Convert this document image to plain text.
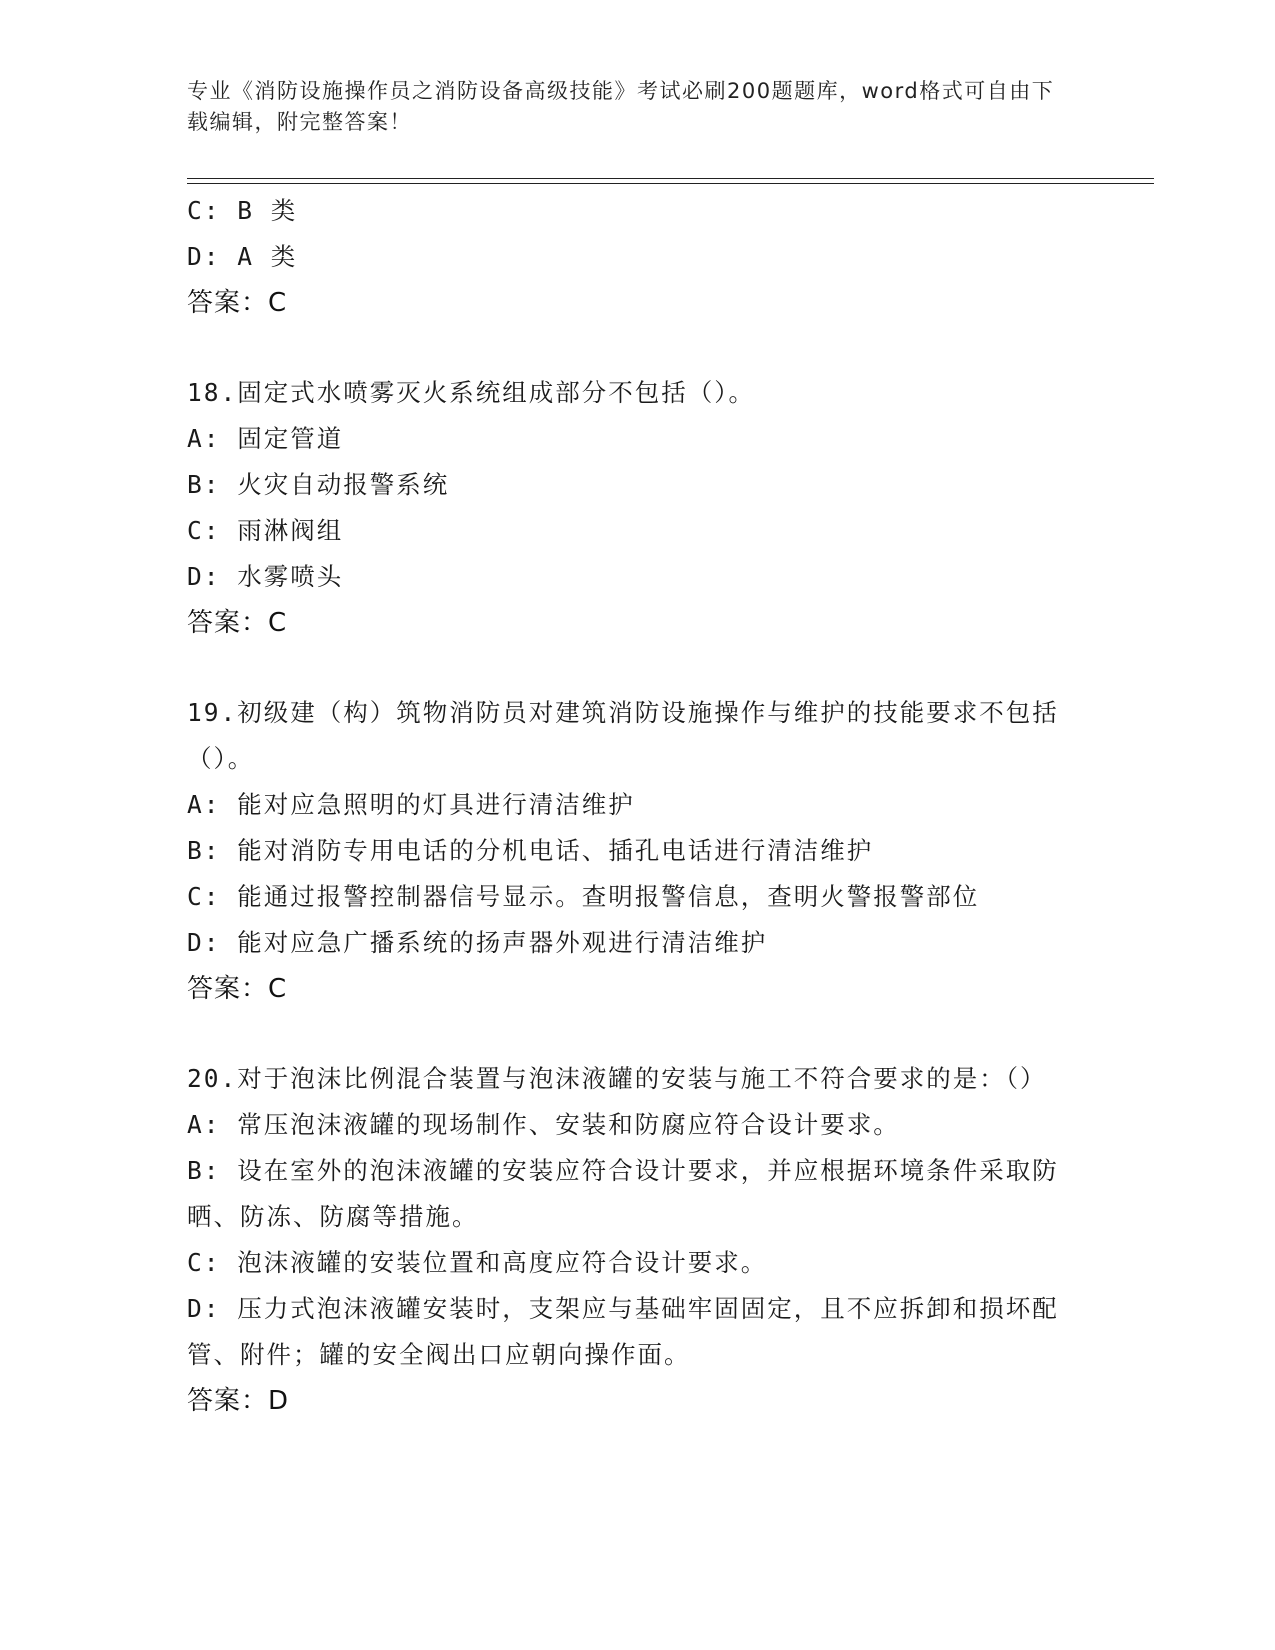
专业《消防设施操作员之消防设备高级技能》考试必刷200题题库，word格式可自由下载编辑，附完整答案！
C: B 类
D: A 类
答案：C
18.固定式水喷雾灭火系统组成部分不包括（）。
A: 固定管道
B: 火灾自动报警系统
C: 雨淋阀组
D: 水雾喷头
答案：C
19.初级建（构）筑物消防员对建筑消防设施操作与维护的技能要求不包括（）。
A: 能对应急照明的灯具进行清洁维护
B: 能对消防专用电话的分机电话、插孔电话进行清洁维护
C: 能通过报警控制器信号显示。查明报警信息，查明火警报警部位
D: 能对应急广播系统的扬声器外观进行清洁维护
答案：C
20.对于泡沫比例混合装置与泡沫液罐的安装与施工不符合要求的是：（）
A: 常压泡沫液罐的现场制作、安装和防腐应符合设计要求。
B: 设在室外的泡沫液罐的安装应符合设计要求，并应根据环境条件采取防晒、防冻、防腐等措施。
C: 泡沫液罐的安装位置和高度应符合设计要求。
D: 压力式泡沫液罐安装时，支架应与基础牢固固定，且不应拆卸和损坏配管、附件；罐的安全阀出口应朝向操作面。
答案：D
